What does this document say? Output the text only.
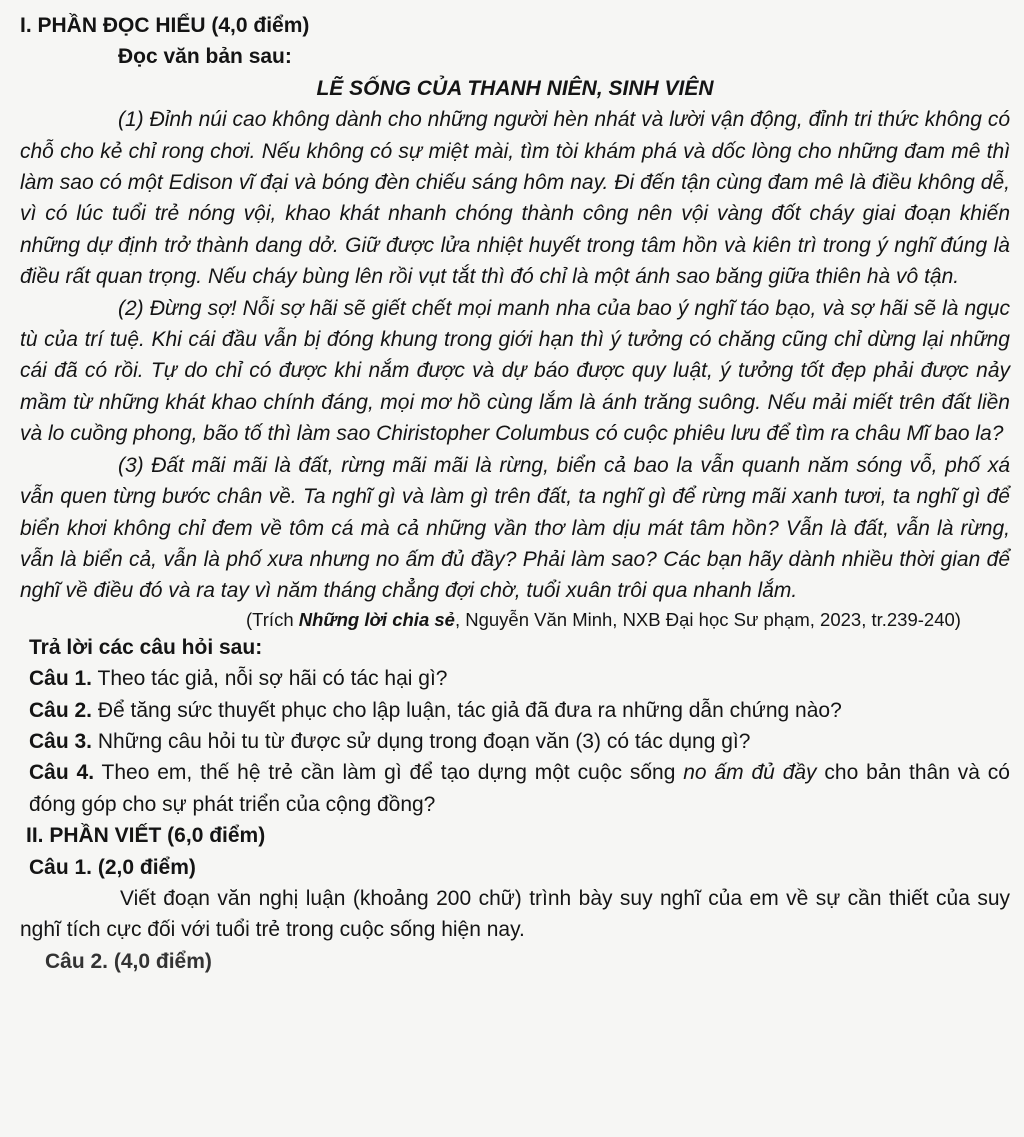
I. PHẦN ĐỌC HIỂU (4,0 điểm)

Đọc văn bản sau:

LẼ SỐNG CỦA THANH NIÊN, SINH VIÊN

(1) Đỉnh núi cao không dành cho những người hèn nhát và lười vận động, đỉnh tri thức không có chỗ cho kẻ chỉ rong chơi. Nếu không có sự miệt mài, tìm tòi khám phá và dốc lòng cho những đam mê thì làm sao có một Edison vĩ đại và bóng đèn chiếu sáng hôm nay. Đi đến tận cùng đam mê là điều không dễ, vì có lúc tuổi trẻ nóng vội, khao khát nhanh chóng thành công nên vội vàng đốt cháy giai đoạn khiến những dự định trở thành dang dở. Giữ được lửa nhiệt huyết trong tâm hồn và kiên trì trong ý nghĩ đúng là điều rất quan trọng. Nếu cháy bùng lên rồi vụt tắt thì đó chỉ là một ánh sao băng giữa thiên hà vô tận.

(2) Đừng sợ! Nỗi sợ hãi sẽ giết chết mọi manh nha của bao ý nghĩ táo bạo, và sợ hãi sẽ là ngục tù của trí tuệ. Khi cái đầu vẫn bị đóng khung trong giới hạn thì ý tưởng có chăng cũng chỉ dừng lại những cái đã có rồi. Tự do chỉ có được khi nắm được và dự báo được quy luật, ý tưởng tốt đẹp phải được nảy mầm từ những khát khao chính đáng, mọi mơ hồ cùng lắm là ánh trăng suông. Nếu mải miết trên đất liền và lo cuồng phong, bão tố thì làm sao Chiristopher Columbus có cuộc phiêu lưu để tìm ra châu Mĩ bao la?

(3) Đất mãi mãi là đất, rừng mãi mãi là rừng, biển cả bao la vẫn quanh năm sóng vỗ, phố xá vẫn quen từng bước chân về. Ta nghĩ gì và làm gì trên đất, ta nghĩ gì để rừng mãi xanh tươi, ta nghĩ gì để biển khơi không chỉ đem về tôm cá mà cả những vần thơ làm dịu mát tâm hồn? Vẫn là đất, vẫn là rừng, vẫn là biển cả, vẫn là phố xưa nhưng no ấm đủ đầy? Phải làm sao? Các bạn hãy dành nhiều thời gian để nghĩ về điều đó và ra tay vì năm tháng chẳng đợi chờ, tuổi xuân trôi qua nhanh lắm.

(Trích Những lời chia sẻ, Nguyễn Văn Minh, NXB Đại học Sư phạm, 2023, tr.239-240)

Trả lời các câu hỏi sau:

Câu 1. Theo tác giả, nỗi sợ hãi có tác hại gì?

Câu 2. Để tăng sức thuyết phục cho lập luận, tác giả đã đưa ra những dẫn chứng nào?

Câu 3. Những câu hỏi tu từ được sử dụng trong đoạn văn (3) có tác dụng gì?

Câu 4. Theo em, thế hệ trẻ cần làm gì để tạo dựng một cuộc sống no ấm đủ đầy cho bản thân và có đóng góp cho sự phát triển của cộng đồng?

II. PHẦN VIẾT (6,0 điểm)

Câu 1. (2,0 điểm)

Viết đoạn văn nghị luận (khoảng 200 chữ) trình bày suy nghĩ của em về sự cần thiết của suy nghĩ tích cực đối với tuổi trẻ trong cuộc sống hiện nay.

Câu 2. (4,0 điểm)
